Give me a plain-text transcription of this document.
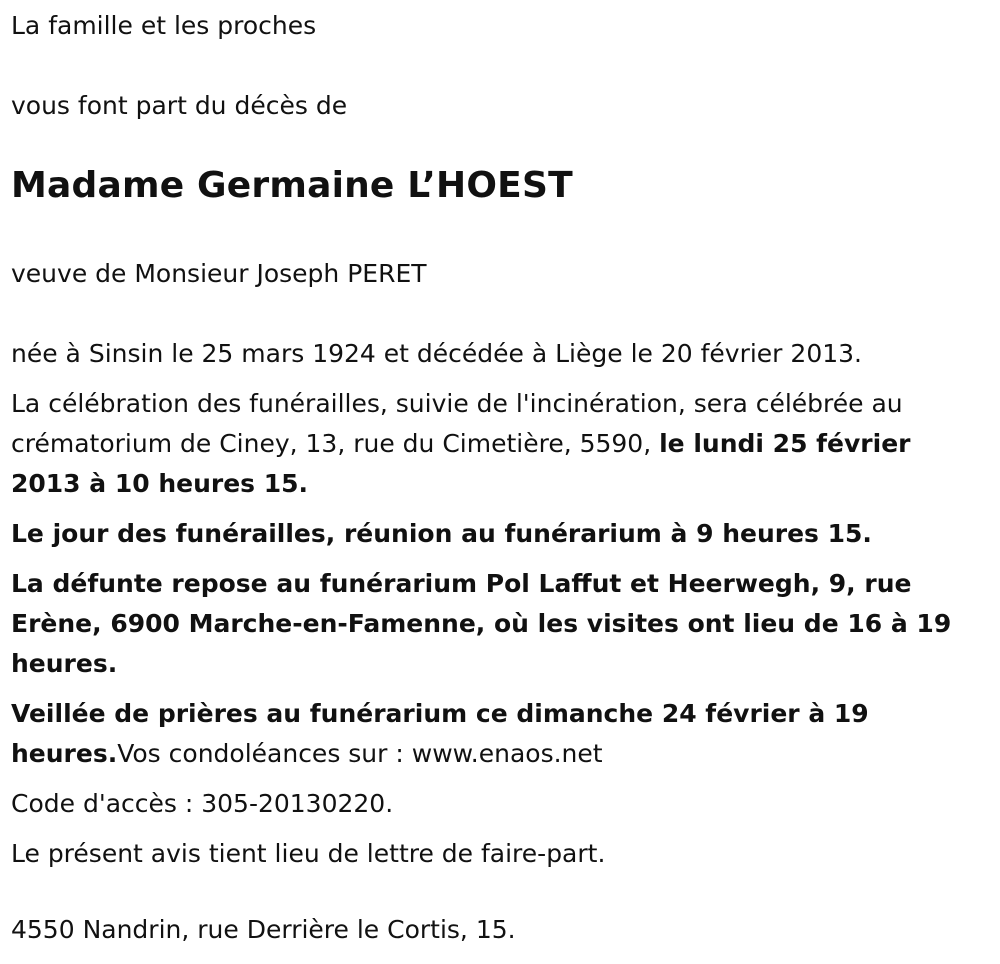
La famille et les proches

vous font part du décès de

Madame Germaine L’HOEST

veuve de Monsieur Joseph PERET

née à Sinsin le 25 mars 1924 et décédée à Liège le 20 février 2013.

La célébration des funérailles, suivie de l'incinération, sera célébrée au crématorium de Ciney, 13, rue du Cimetière, 5590, le lundi 25 février 2013 à 10 heures 15.

Le jour des funérailles, réunion au funérarium à 9 heures 15.

La défunte repose au funérarium Pol Laffut et Heerwegh, 9, rue Erène, 6900 Marche-en-Famenne, où les visites ont lieu de 16 à 19 heures.

Veillée de prières au funérarium ce dimanche 24 février à 19 heures.Vos condoléances sur : www.enaos.net

Code d'accès : 305-20130220.

Le présent avis tient lieu de lettre de faire-part.

4550 Nandrin, rue Derrière le Cortis, 15.
